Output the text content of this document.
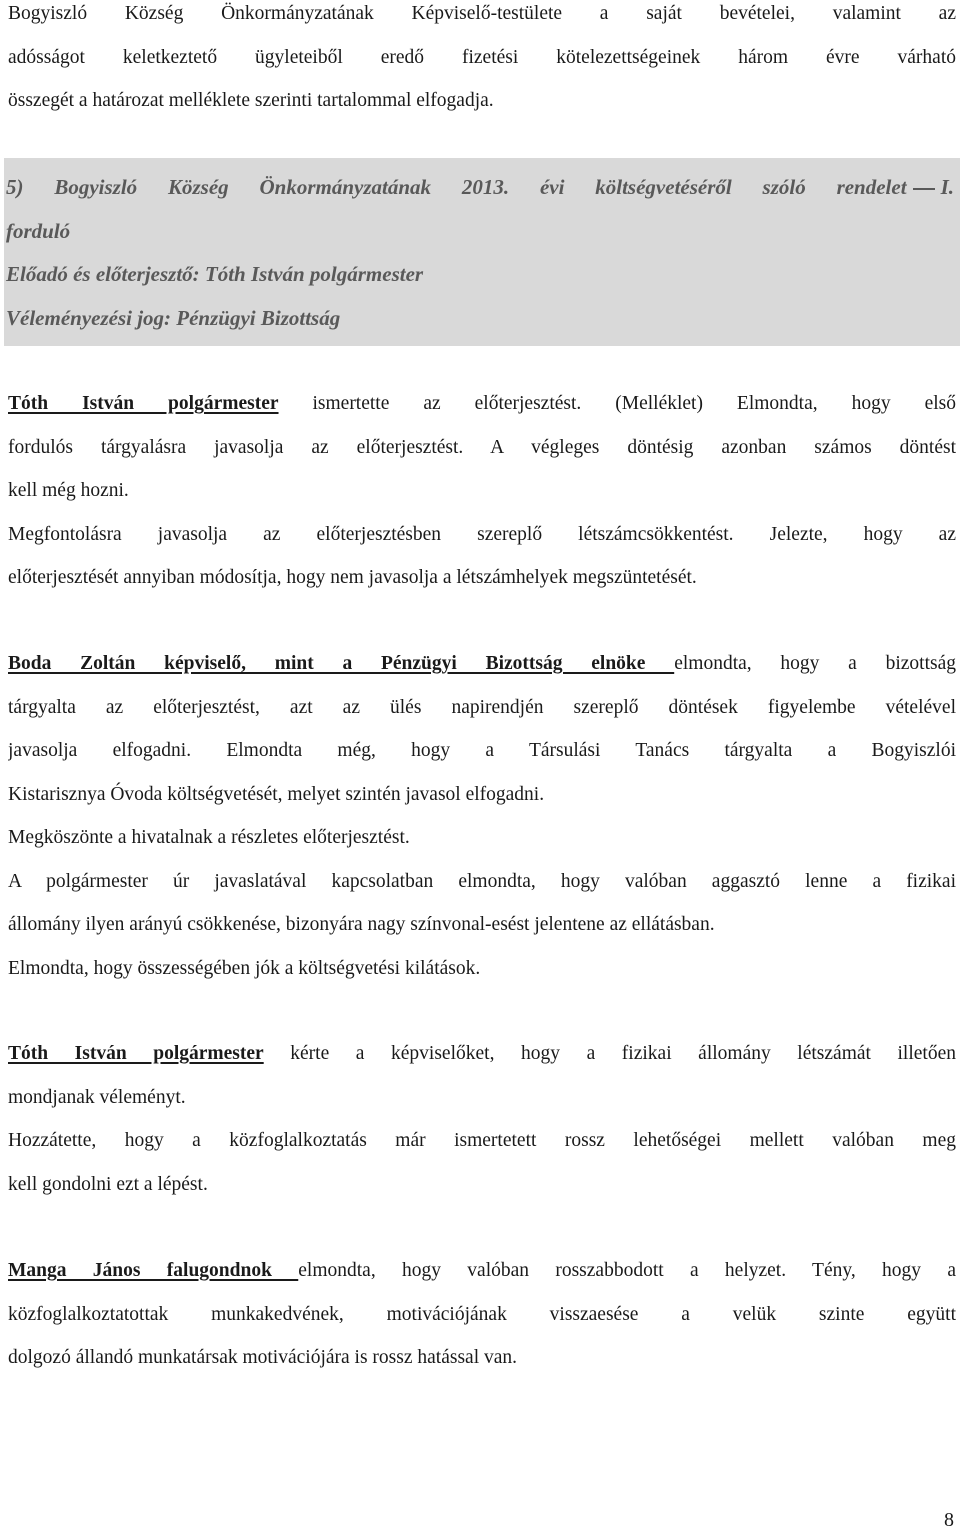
Bogyiszló Község Önkormányzatának Képviselő-testülete a saját bevételei, valamint az
adósságot keletkeztető ügyleteiből eredő fizetési kötelezettségeinek három évre várható
összegét a határozat melléklete szerinti tartalommal elfogadja.
Tóth István polgármester ismertette az előterjesztést. (Melléklet) Elmondta, hogy első
fordulós tárgyalásra javasolja az előterjesztést. A végleges döntésig azonban számos döntést
kell még hozni.
Megfontolásra javasolja az előterjesztésben szereplő létszámcsökkentést. Jelezte, hogy az
előterjesztését annyiban módosítja, hogy nem javasolja a létszámhelyek megszüntetését.
Boda Zoltán képviselő, mint a Pénzügyi Bizottság elnöke elmondta, hogy a bizottság
tárgyalta az előterjesztést, azt az ülés napirendjén szereplő döntések figyelembe vételével
javasolja elfogadni. Elmondta még, hogy a Társulási Tanács tárgyalta a Bogyiszlói
Kistarisznya Óvoda költségvetését, melyet szintén javasol elfogadni.
Megköszönte a hivatalnak a részletes előterjesztést.
A polgármester úr javaslatával kapcsolatban elmondta, hogy valóban aggasztó lenne a fizikai
állomány ilyen arányú csökkenése, bizonyára nagy színvonal-esést jelentene az ellátásban.
Elmondta, hogy összességében jók a költségvetési kilátások.
Tóth István polgármester kérte a képviselőket, hogy a fizikai állomány létszámát illetően
mondjanak véleményt.
Hozzátette, hogy a közfoglalkoztatás már ismertetett rossz lehetőségei mellett valóban meg
kell gondolni ezt a lépést.
Manga János falugondnok elmondta, hogy valóban rosszabbodott a helyzet. Tény, hogy a
közfoglalkoztatottak munkakedvének, motivációjának visszaesése a velük szinte együtt
dolgozó állandó munkatársak motivációjára is rossz hatással van.
5) Bogyiszló Község Önkormányzatának 2013. évi költségvetéséről szóló rendelet I.
forduló
Előadó és előterjesztő: Tóth István polgármester
Véleményezési jog: Pénzügyi Bizottság
8
